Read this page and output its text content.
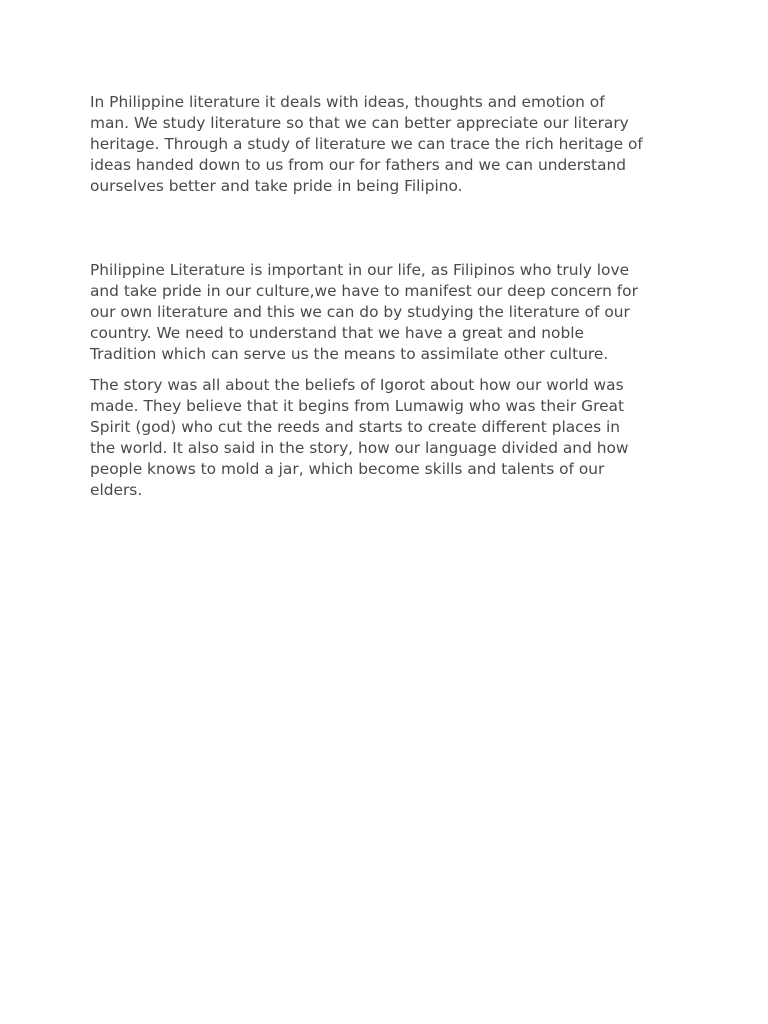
In Philippine literature it deals with ideas, thoughts and emotion of
man. We study literature so that we can better appreciate our literary
heritage. Through a study of literature we can trace the rich heritage of
ideas handed down to us from our for fathers and we can understand
ourselves better and take pride in being Filipino.

Philippine Literature is important in our life, as Filipinos who truly love
and take pride in our culture,we have to manifest our deep concern for
our own literature and this we can do by studying the literature of our
country. We need to understand that we have a great and noble
Tradition which can serve us the means to assimilate other culture.

The story was all about the beliefs of Igorot about how our world was
made. They believe that it begins from Lumawig who was their Great
Spirit (god) who cut the reeds and starts to create different places in
the world. It also said in the story, how our language divided and how
people knows to mold a jar, which become skills and talents of our
elders.
